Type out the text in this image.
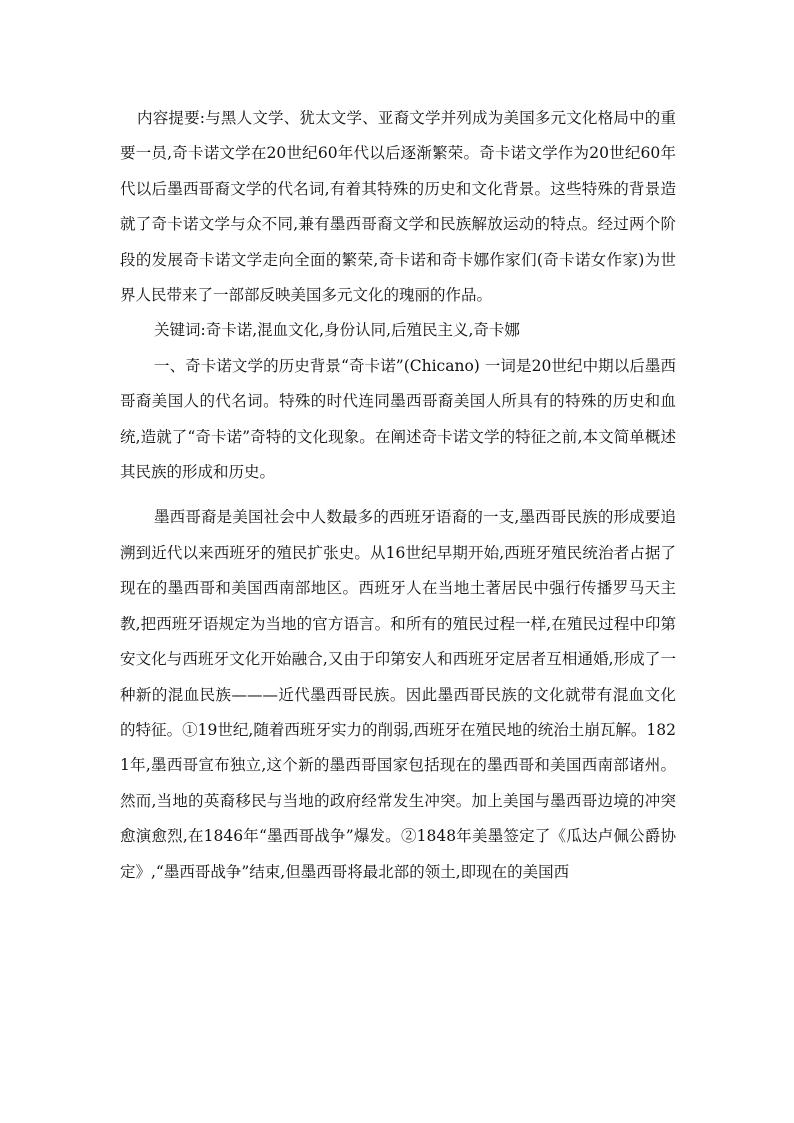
内容提要:与黑人文学、犹太文学、亚裔文学并列成为美国多元文化格局中的重要一员,奇卡诺文学在20世纪60年代以后逐渐繁荣。奇卡诺文学作为20世纪60年代以后墨西哥裔文学的代名词,有着其特殊的历史和文化背景。这些特殊的背景造就了奇卡诺文学与众不同,兼有墨西哥裔文学和民族解放运动的特点。经过两个阶段的发展奇卡诺文学走向全面的繁荣,奇卡诺和奇卡娜作家们(奇卡诺女作家)为世界人民带来了一部部反映美国多元文化的瑰丽的作品。

关键词:奇卡诺,混血文化,身份认同,后殖民主义,奇卡娜

一、奇卡诺文学的历史背景“奇卡诺”(Chicano) 一词是20世纪中期以后墨西哥裔美国人的代名词。特殊的时代连同墨西哥裔美国人所具有的特殊的历史和血统,造就了“奇卡诺”奇特的文化现象。在阐述奇卡诺文学的特征之前,本文简单概述其民族的形成和历史。

墨西哥裔是美国社会中人数最多的西班牙语裔的一支,墨西哥民族的形成要追溯到近代以来西班牙的殖民扩张史。从16世纪早期开始,西班牙殖民统治者占据了现在的墨西哥和美国西南部地区。西班牙人在当地土著居民中强行传播罗马天主教,把西班牙语规定为当地的官方语言。和所有的殖民过程一样,在殖民过程中印第安文化与西班牙文化开始融合,又由于印第安人和西班牙定居者互相通婚,形成了一种新的混血民族———近代墨西哥民族。因此墨西哥民族的文化就带有混血文化的特征。①19世纪,随着西班牙实力的削弱,西班牙在殖民地的统治土崩瓦解。1821年,墨西哥宣布独立,这个新的墨西哥国家包括现在的墨西哥和美国西南部诸州。然而,当地的英裔移民与当地的政府经常发生冲突。加上美国与墨西哥边境的冲突愈演愈烈,在1846年“墨西哥战争”爆发。②1848年美墨签定了《瓜达卢佩公爵协定》,“墨西哥战争”结束,但墨西哥将最北部的领土,即现在的美国西
